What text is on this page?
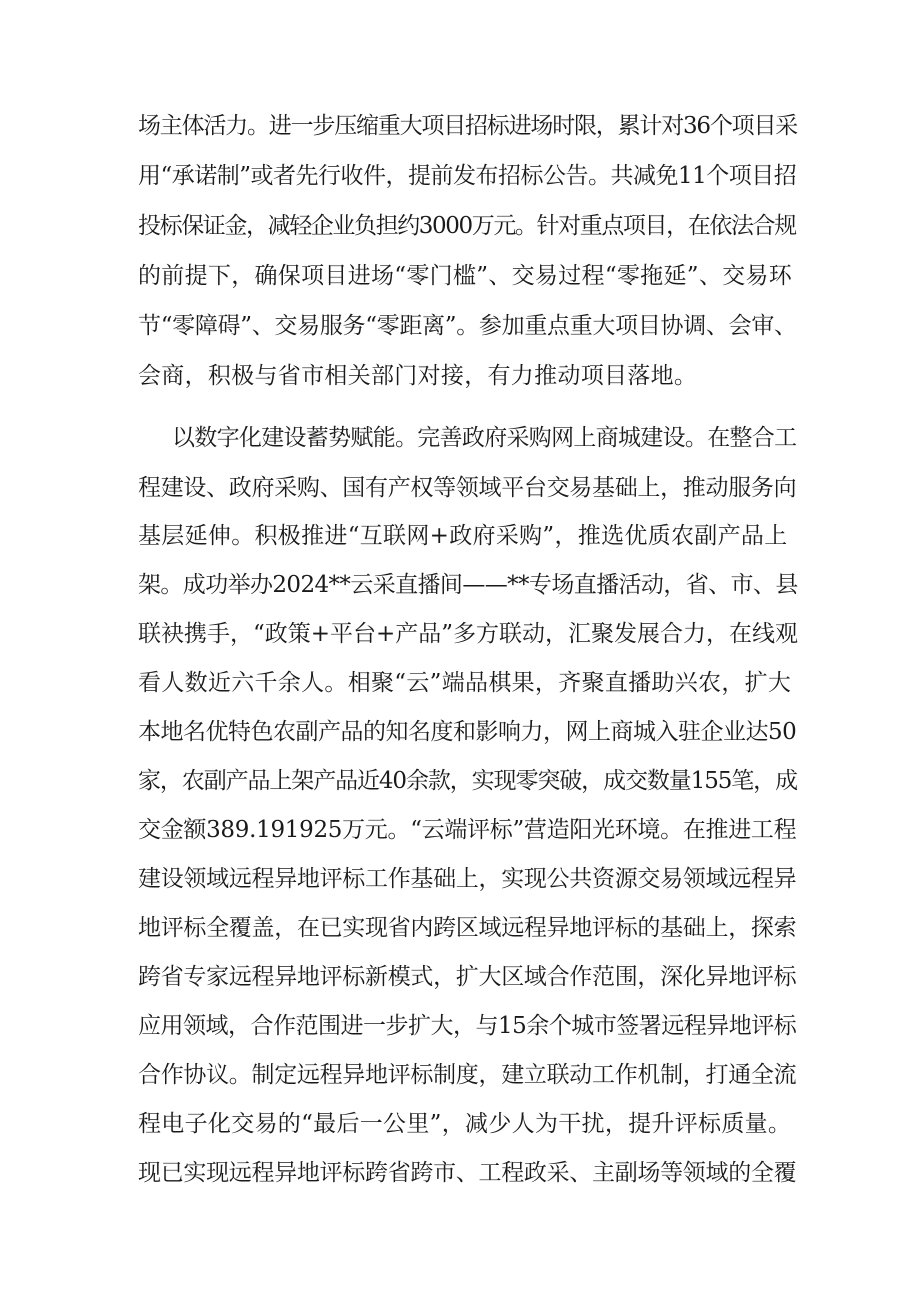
场主体活力。进一步压缩重大项目招标进场时限，累计对36个项目采
用“承诺制”或者先行收件，提前发布招标公告。共减免11个项目招
投标保证金，减轻企业负担约3000万元。针对重点项目，在依法合规
的前提下，确保项目进场“零门槛”、交易过程“零拖延”、交易环
节“零障碍”、交易服务“零距离”。参加重点重大项目协调、会审、
会商，积极与省市相关部门对接，有力推动项目落地。
以数字化建设蓄势赋能。完善政府采购网上商城建设。在整合工
程建设、政府采购、国有产权等领域平台交易基础上，推动服务向
基层延伸。积极推进“互联网+政府采购”，推选优质农副产品上
架。成功举办2024**云采直播间——**专场直播活动，省、市、县
联袂携手，“政策+平台+产品”多方联动，汇聚发展合力，在线观
看人数近六千余人。相聚“云”端品棋果，齐聚直播助兴农，扩大
本地名优特色农副产品的知名度和影响力，网上商城入驻企业达50
家，农副产品上架产品近40余款，实现零突破，成交数量155笔，成
交金额389.191925万元。“云端评标”营造阳光环境。在推进工程
建设领域远程异地评标工作基础上，实现公共资源交易领域远程异
地评标全覆盖，在已实现省内跨区域远程异地评标的基础上，探索
跨省专家远程异地评标新模式，扩大区域合作范围，深化异地评标
应用领域，合作范围进一步扩大，与15余个城市签署远程异地评标
合作协议。制定远程异地评标制度，建立联动工作机制，打通全流
程电子化交易的“最后一公里”，减少人为干扰，提升评标质量。
现已实现远程异地评标跨省跨市、工程政采、主副场等领域的全覆
